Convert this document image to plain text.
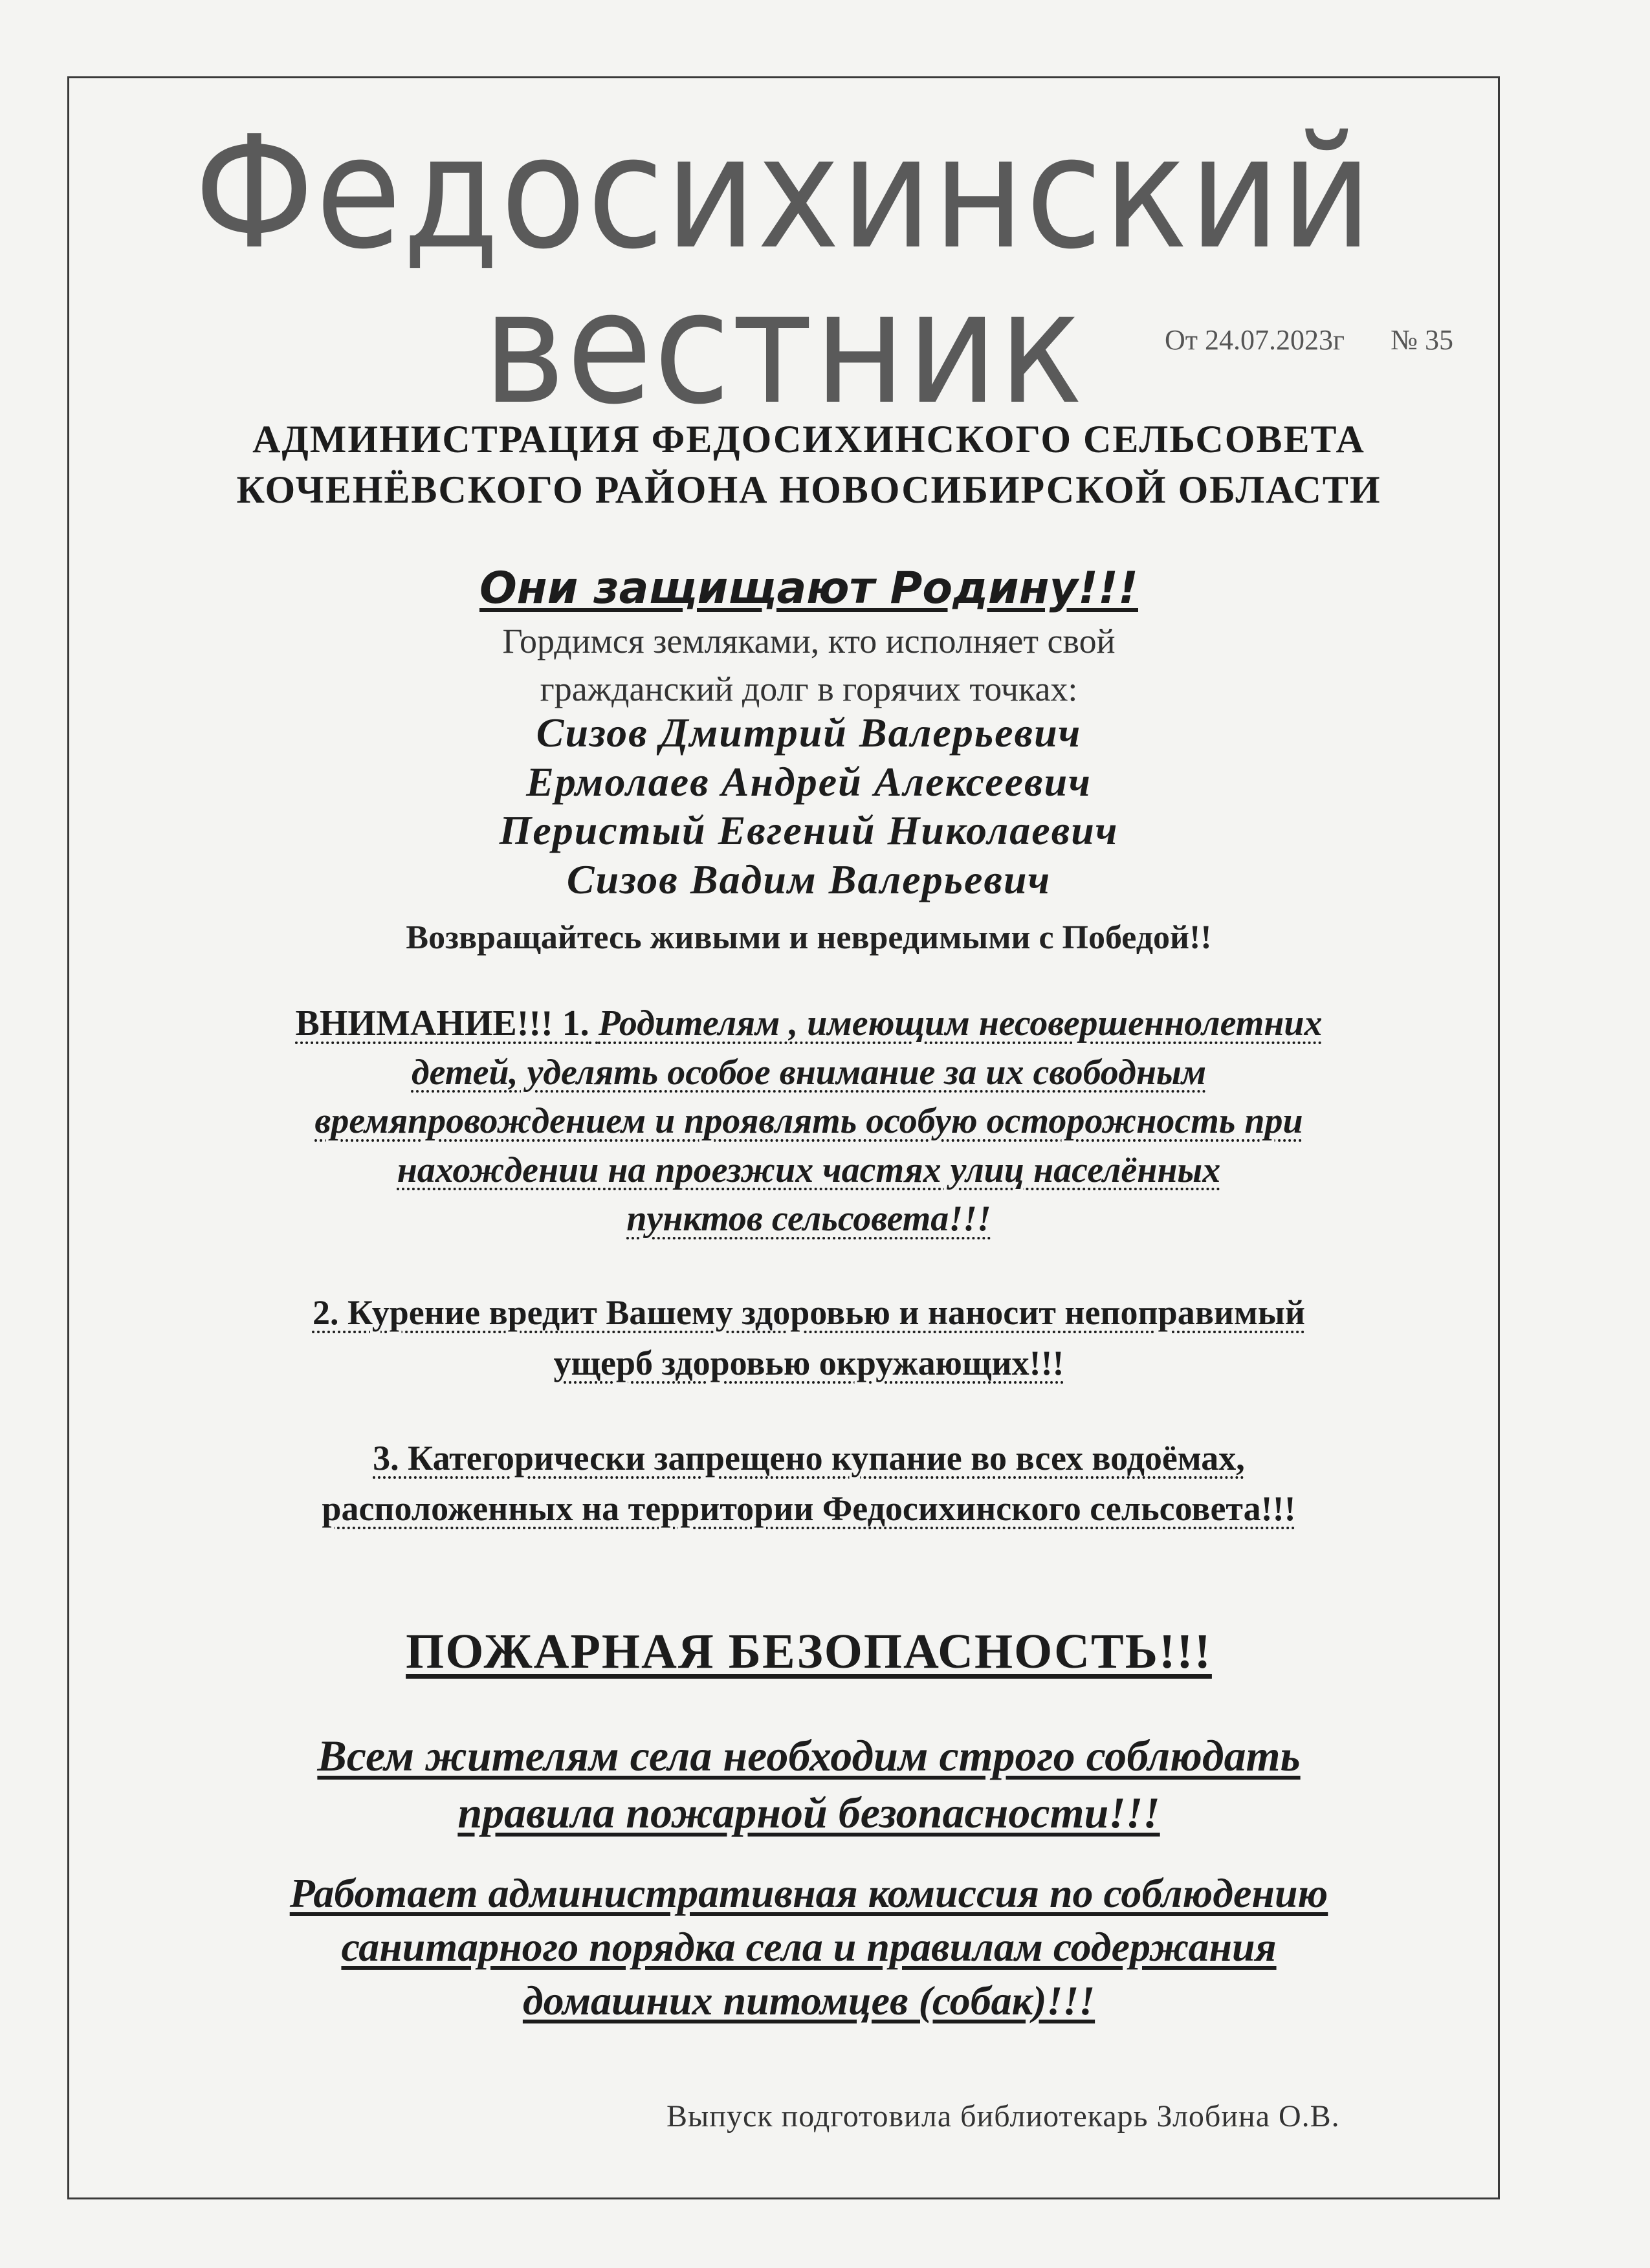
Федосихинский вестник	От 24.07.2023г № 35
АДМИНИСТРАЦИЯ ФЕДОСИХИНСКОГО СЕЛЬСОВЕТА
КОЧЕНЁВСКОГО РАЙОНА НОВОСИБИРСКОЙ ОБЛАСТИ
Они защищают Родину!!!
Гордимся земляками, кто исполняет свой
гражданский долг в горячих точках:
Сизов Дмитрий Валерьевич
Ермолаев Андрей Алексеевич
Перистый Евгений Николаевич
Сизов Вадим Валерьевич
Возвращайтесь живыми и невредимыми с Победой!!
ВНИМАНИЕ!!! 1. Родителям , имеющим несовершеннолетних
детей, уделять особое внимание за их свободным
времяпровождением и проявлять особую осторожность при
нахождении на проезжих частях улиц населённых
пунктов сельсовета!!!
2. Курение вредит Вашему здоровью и наносит непоправимый
ущерб здоровью окружающих!!!
3. Категорически запрещено купание во всех водоёмах,
расположенных на территории Федосихинского сельсовета!!!
ПОЖАРНАЯ БЕЗОПАСНОСТЬ!!!
Всем жителям села необходим строго соблюдать
правила пожарной безопасности!!!
Работает административная комиссия по соблюдению
санитарного порядка села и правилам содержания
домашних питомцев (собак)!!!
Выпуск подготовила библиотекарь Злобина О.В.
